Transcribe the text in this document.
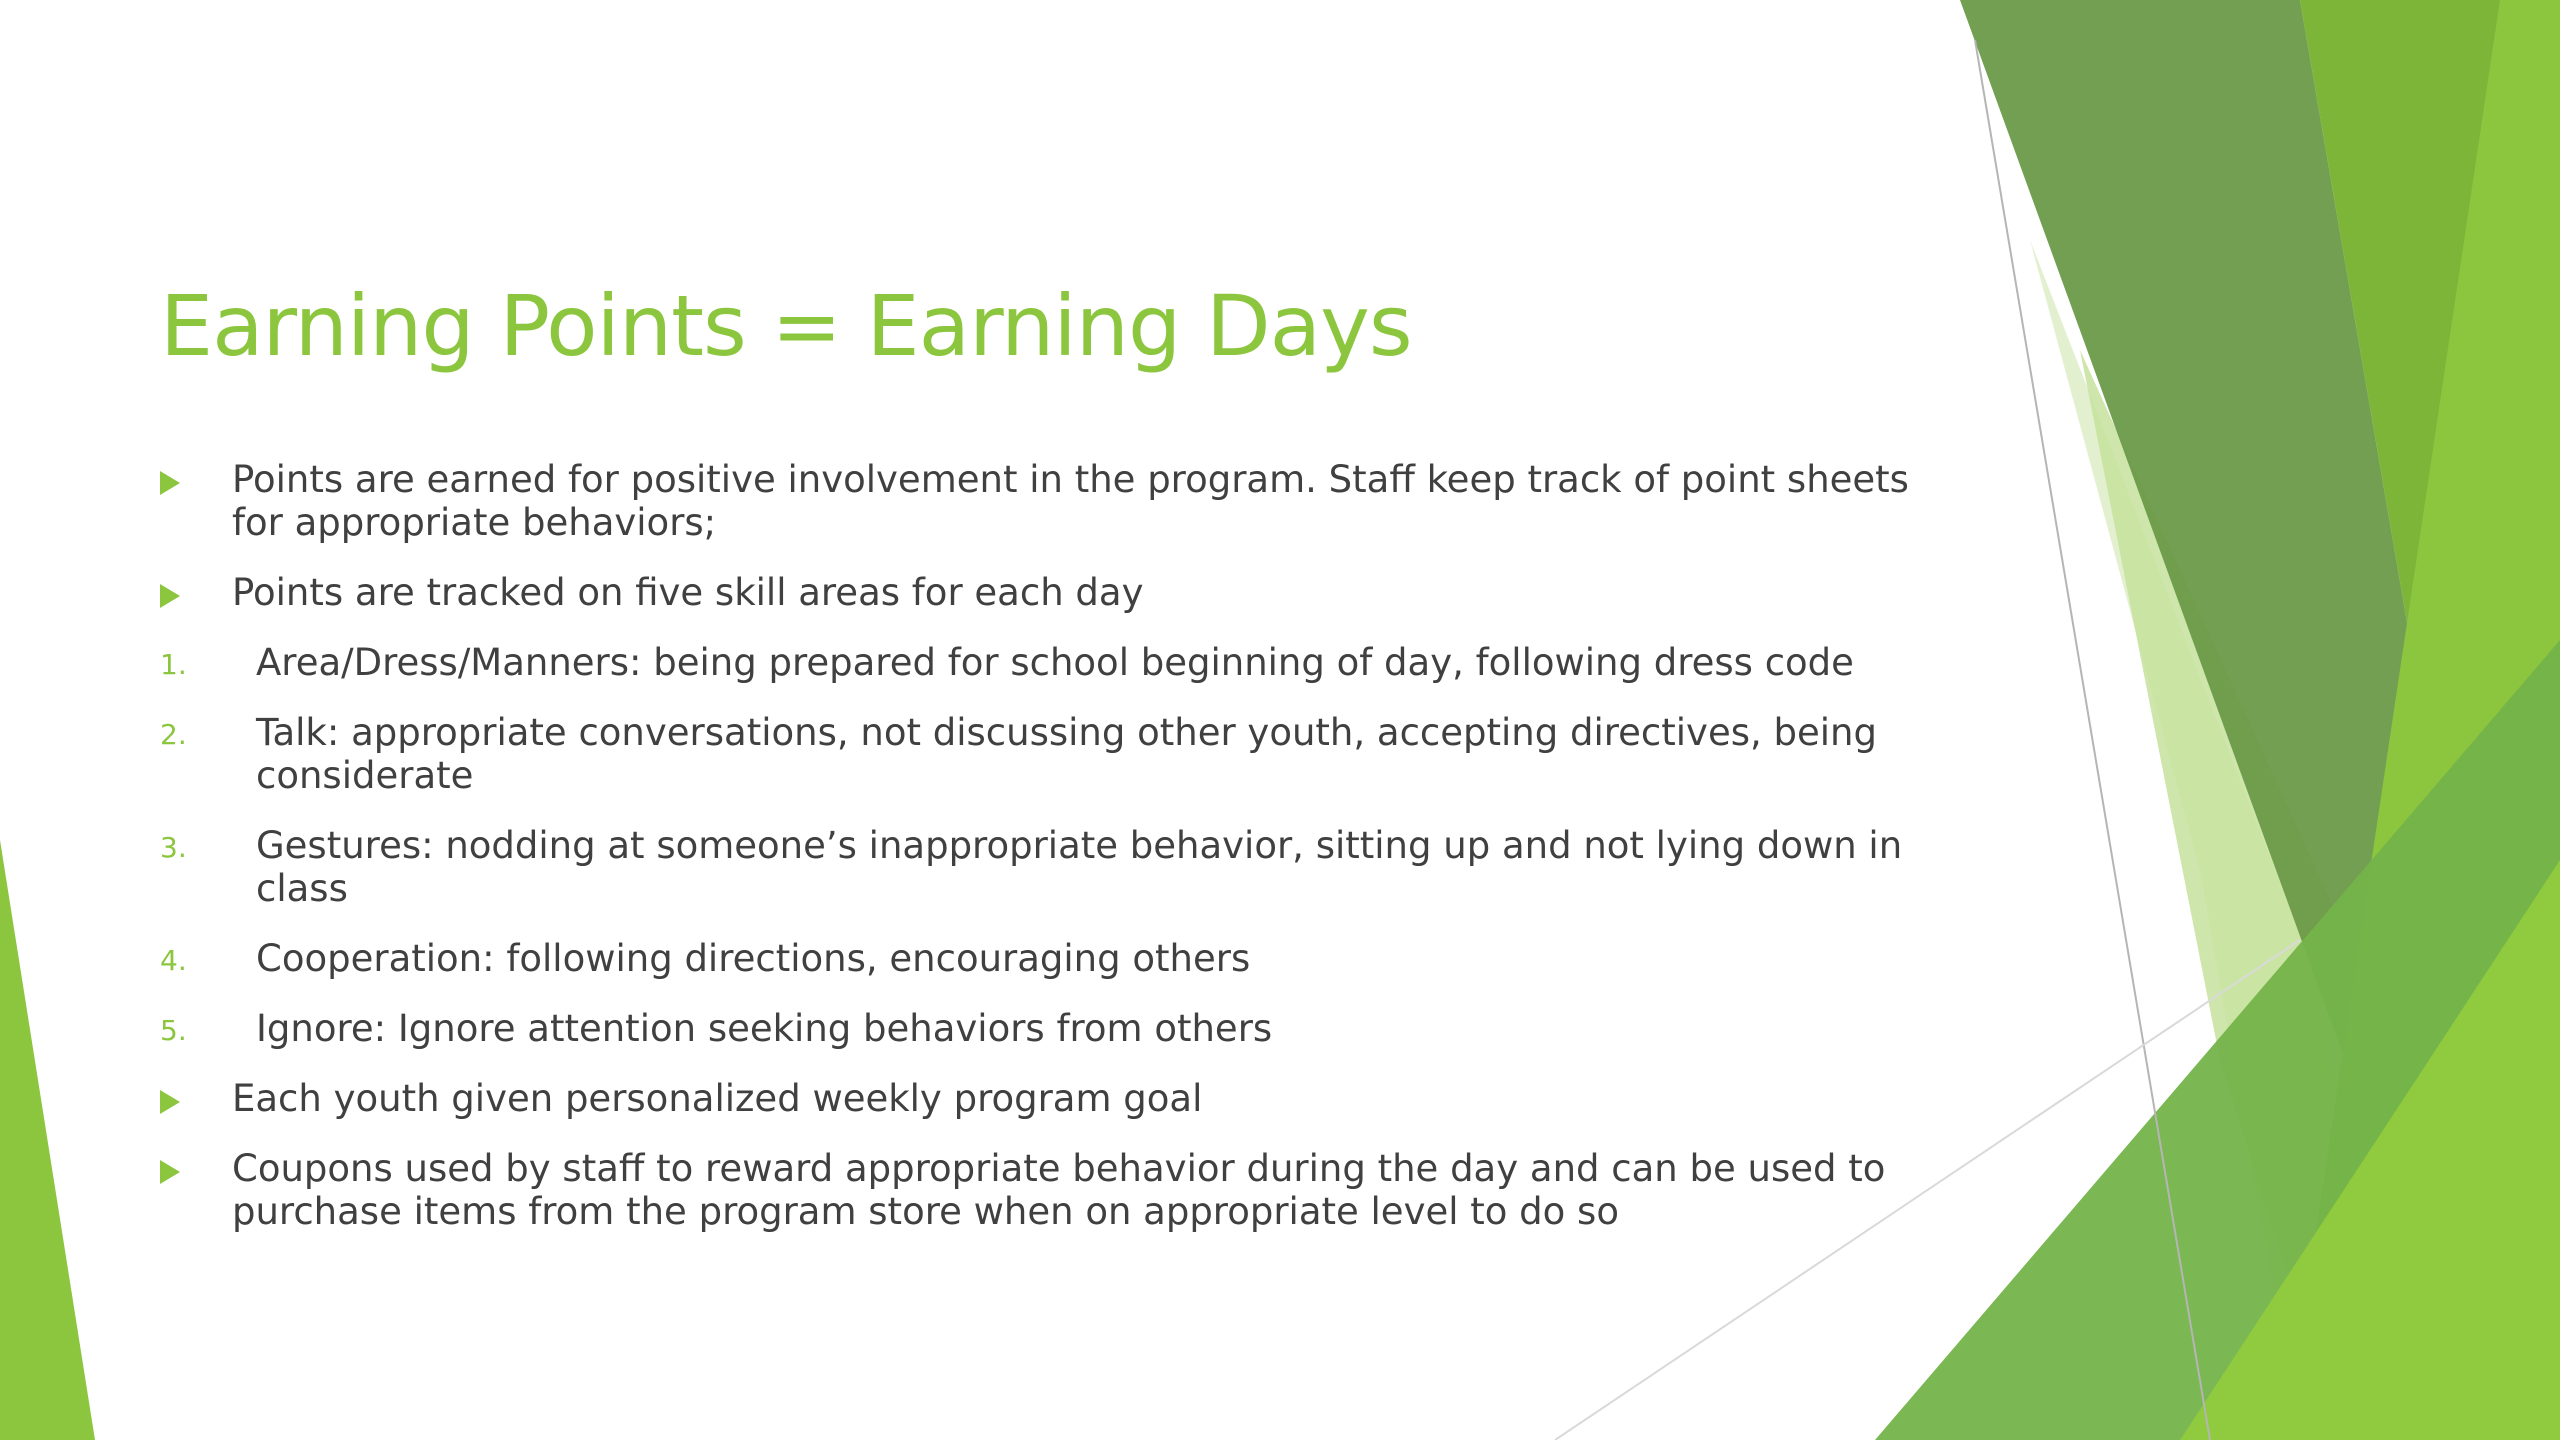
Earning Points = Earning Days
Points are earned for positive involvement in the program. Staff keep track of point sheets for appropriate behaviors;
Points are tracked on five skill areas for each day
1. Area/Dress/Manners: being prepared for school beginning of day, following dress code
2. Talk: appropriate conversations, not discussing other youth, accepting directives, being considerate
3. Gestures: nodding at someone’s inappropriate behavior, sitting up and not lying down in class
4. Cooperation: following directions, encouraging others
5. Ignore: Ignore attention seeking behaviors from others
Each youth given personalized weekly program goal
Coupons used by staff to reward appropriate behavior during the day and can be used to purchase items from the program store when on appropriate level to do so
